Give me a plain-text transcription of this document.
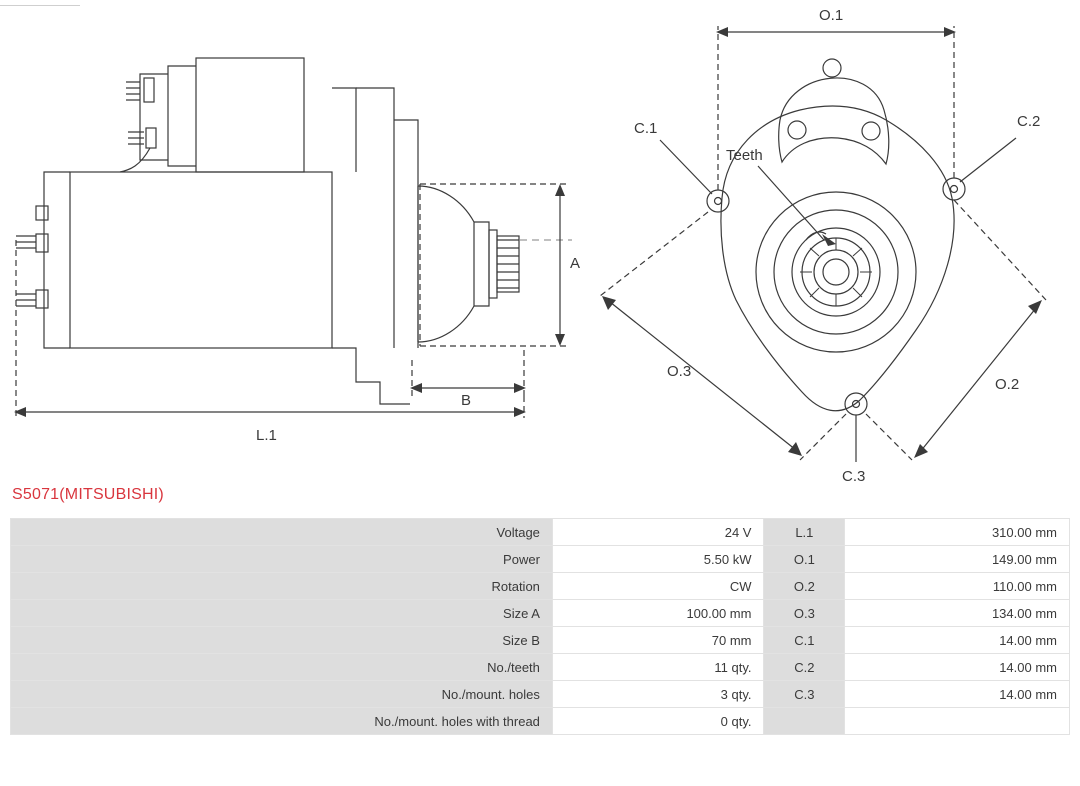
A
B
L.1
O.1
O.2
O.3
C.1	C.2
C.3
Teeth
S5071(MITSUBISHI)
Voltage	24 V	L.1	310.00 mm
Power	5.50 kW	O.1	149.00 mm
Rotation	CW	O.2	110.00 mm
Size A	100.00 mm	O.3	134.00 mm
Size B	70 mm	C.1	14.00 mm
No./teeth	11 qty.	C.2	14.00 mm
No./mount. holes	3 qty.	C.3	14.00 mm
No./mount. holes with thread	0 qty.		
